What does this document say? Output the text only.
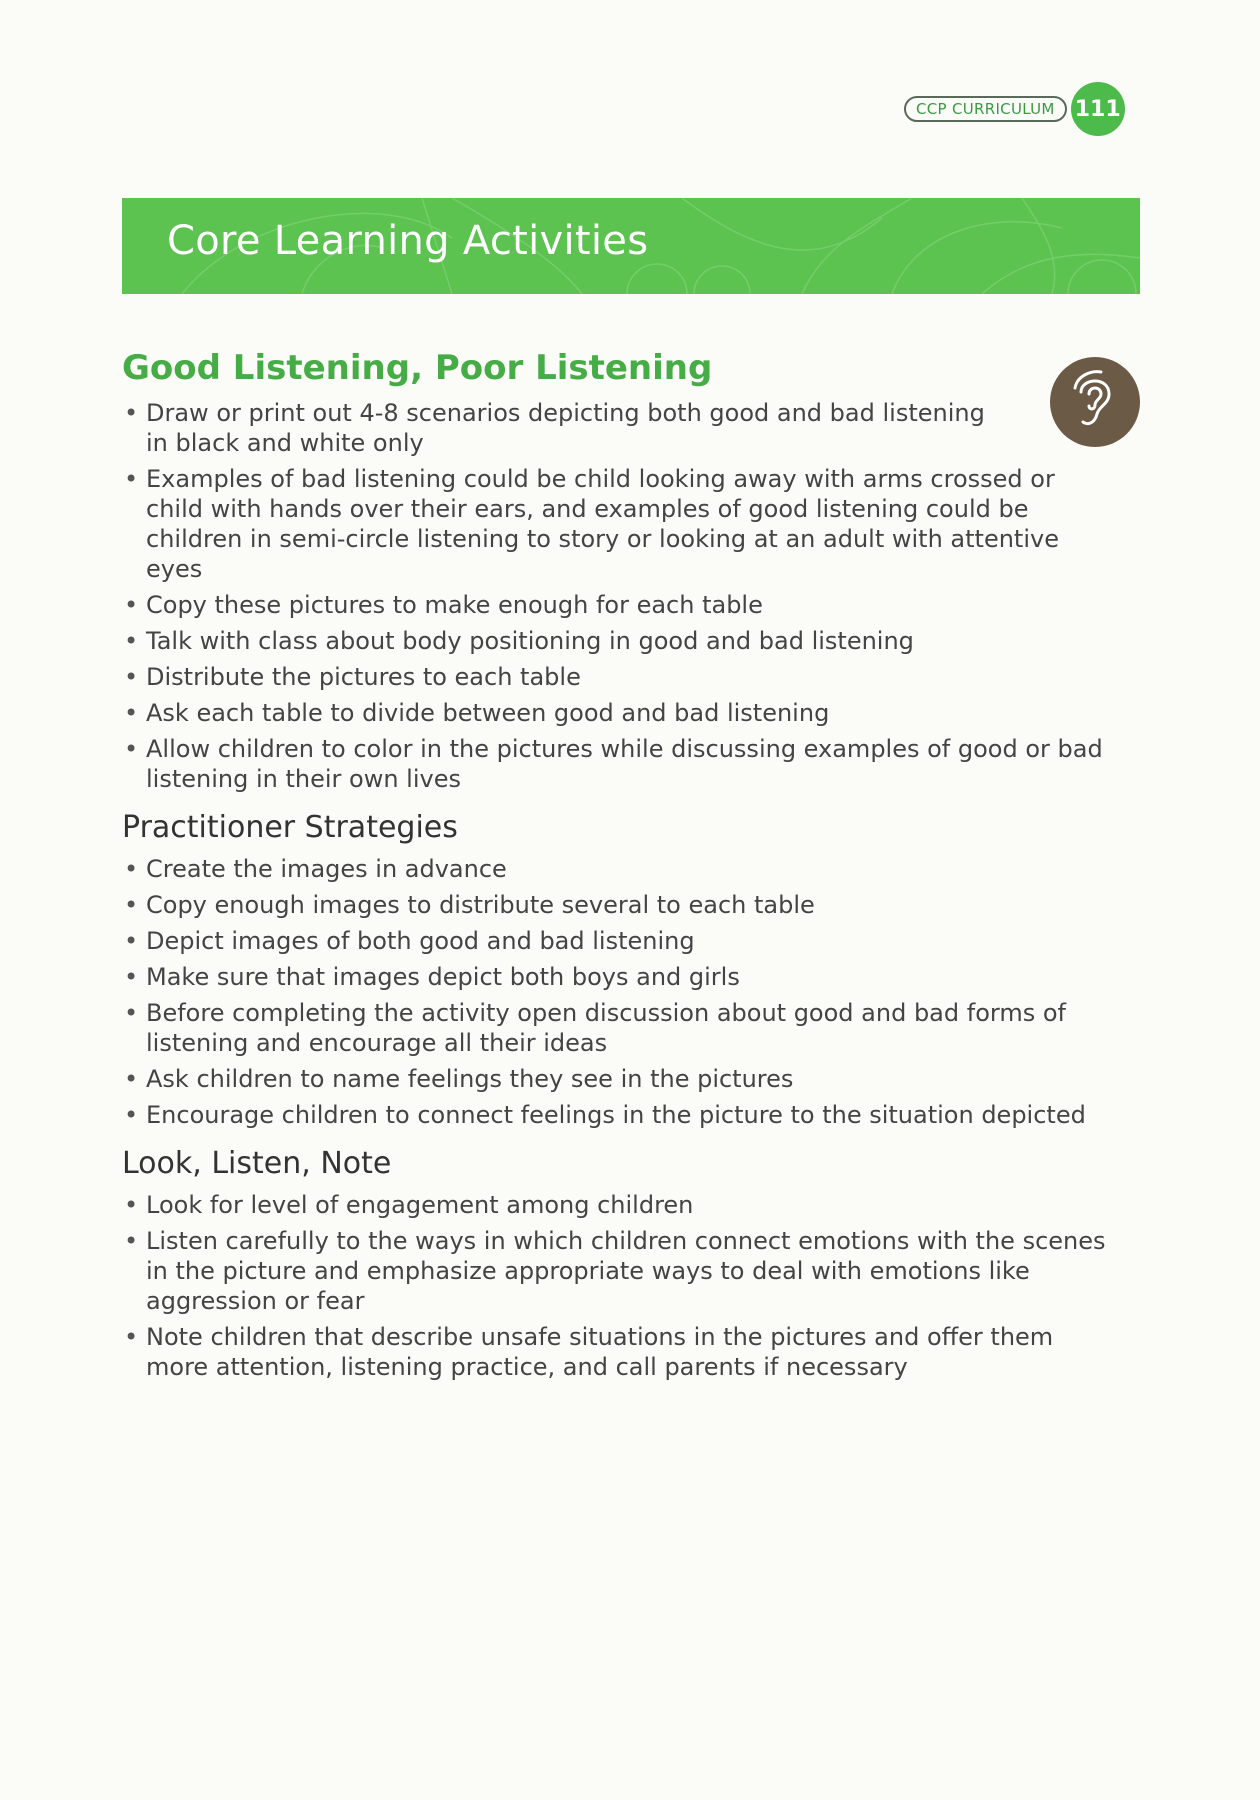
CCP CURRICULUM 111
Core Learning Activities
Good Listening, Poor Listening
• Draw or print out 4-8 scenarios depicting both good and bad listening in black and white only
• Examples of bad listening could be child looking away with arms crossed or child with hands over their ears, and examples of good listening could be children in semi-circle listening to story or looking at an adult with attentive eyes
• Copy these pictures to make enough for each table
• Talk with class about body positioning in good and bad listening
• Distribute the pictures to each table
• Ask each table to divide between good and bad listening
• Allow children to color in the pictures while discussing examples of good or bad listening in their own lives
Practitioner Strategies
• Create the images in advance
• Copy enough images to distribute several to each table
• Depict images of both good and bad listening
• Make sure that images depict both boys and girls
• Before completing the activity open discussion about good and bad forms of listening and encourage all their ideas
• Ask children to name feelings they see in the pictures
• Encourage children to connect feelings in the picture to the situation depicted
Look, Listen, Note
• Look for level of engagement among children
• Listen carefully to the ways in which children connect emotions with the scenes in the picture and emphasize appropriate ways to deal with emotions like aggression or fear
• Note children that describe unsafe situations in the pictures and offer them more attention, listening practice, and call parents if necessary
